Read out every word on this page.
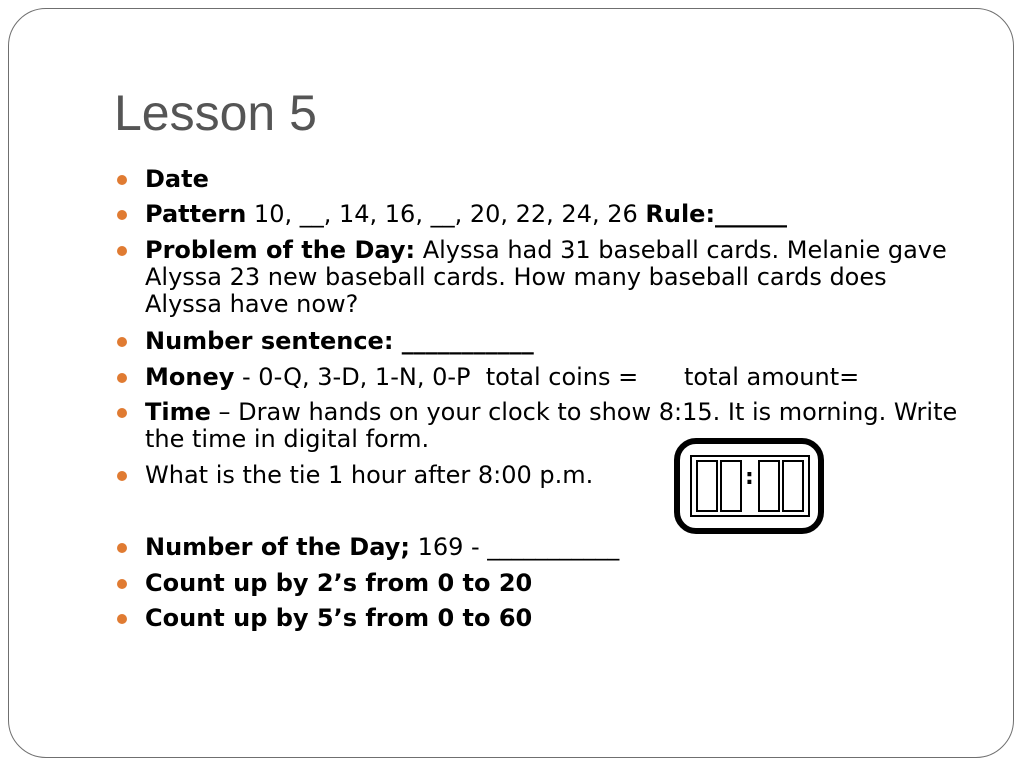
Lesson 5
Date
Pattern 10, __, 14, 16, __, 20, 22, 24, 26 Rule:______
Problem of the Day: Alyssa had 31 baseball cards. Melanie gave Alyssa 23 new baseball cards. How many baseball cards does Alyssa have now?
Number sentence: ___________
Money - 0-Q, 3-D, 1-N, 0-P  total coins =      total amount=
Time – Draw hands on your clock to show 8:15. It is morning. Write the time in digital form.
What is the tie 1 hour after 8:00 p.m.	:
Number of the Day; 169 - ___________
Count up by 2’s from 0 to 20
Count up by 5’s from 0 to 60
